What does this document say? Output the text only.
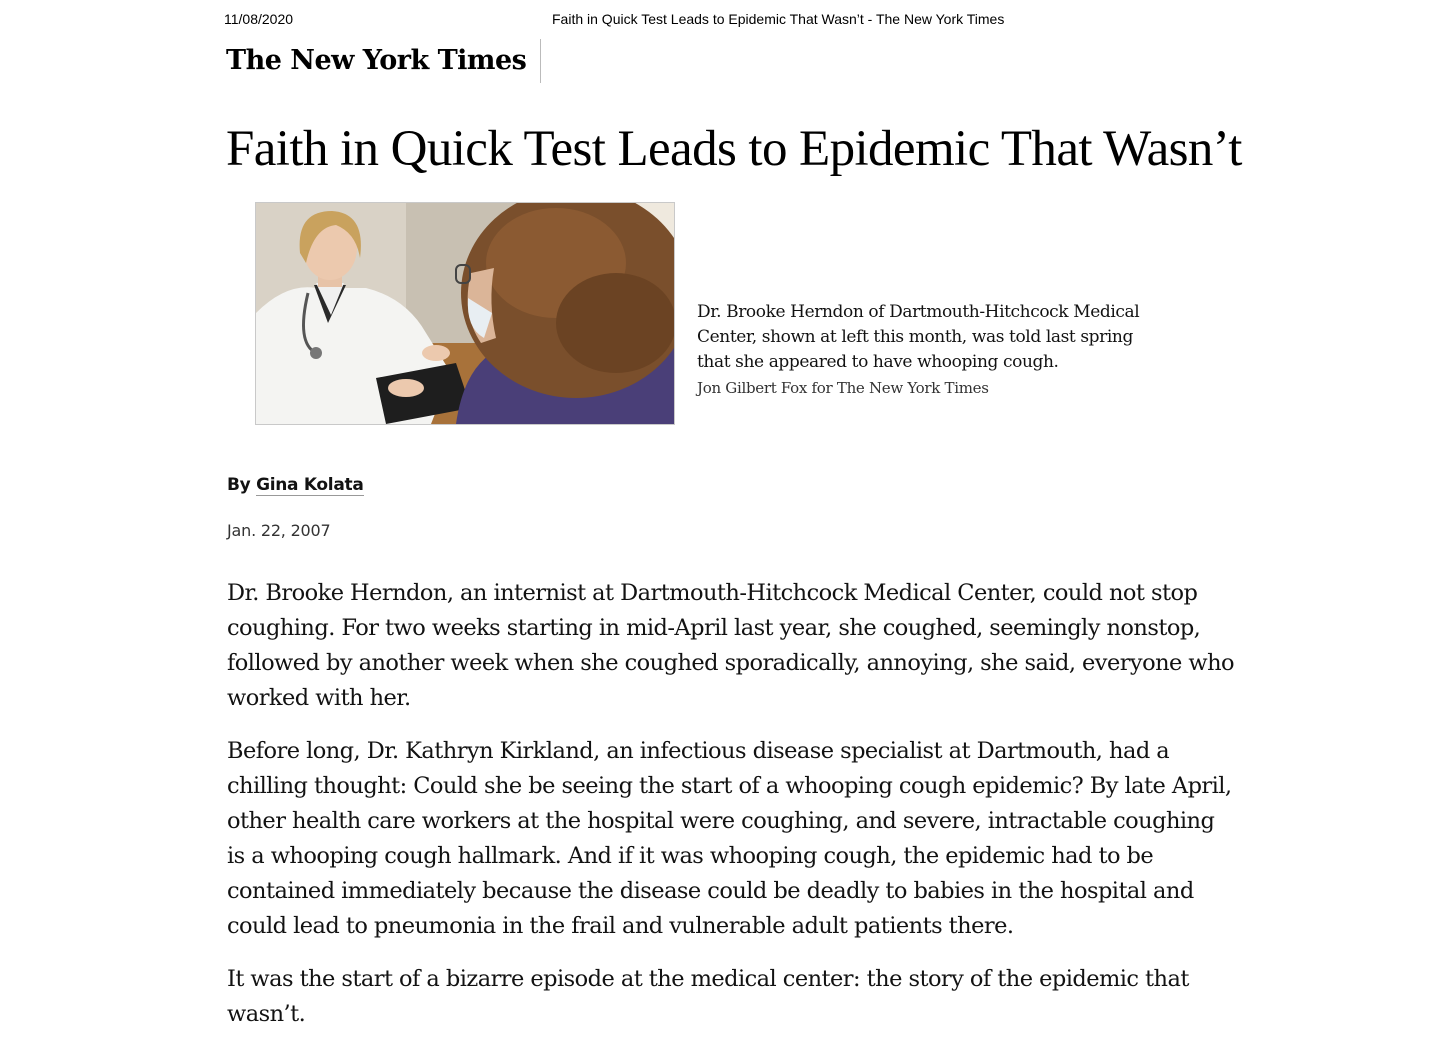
11/08/2020	Faith in Quick Test Leads to Epidemic That Wasn’t - The New York Times
The New York Times
Faith in Quick Test Leads to Epidemic That Wasn’t
Dr. Brooke Herndon of Dartmouth-Hitchcock Medical Center, shown at left this month, was told last spring that she appeared to have whooping cough.
Jon Gilbert Fox for The New York Times
By Gina Kolata
Jan. 22, 2007

Dr. Brooke Herndon, an internist at Dartmouth-Hitchcock Medical Center, could not stop coughing. For two weeks starting in mid-April last year, she coughed, seemingly nonstop, followed by another week when she coughed sporadically, annoying, she said, everyone who worked with her.

Before long, Dr. Kathryn Kirkland, an infectious disease specialist at Dartmouth, had a chilling thought: Could she be seeing the start of a whooping cough epidemic? By late April, other health care workers at the hospital were coughing, and severe, intractable coughing is a whooping cough hallmark. And if it was whooping cough, the epidemic had to be contained immediately because the disease could be deadly to babies in the hospital and could lead to pneumonia in the frail and vulnerable adult patients there.

It was the start of a bizarre episode at the medical center: the story of the epidemic that wasn’t.
